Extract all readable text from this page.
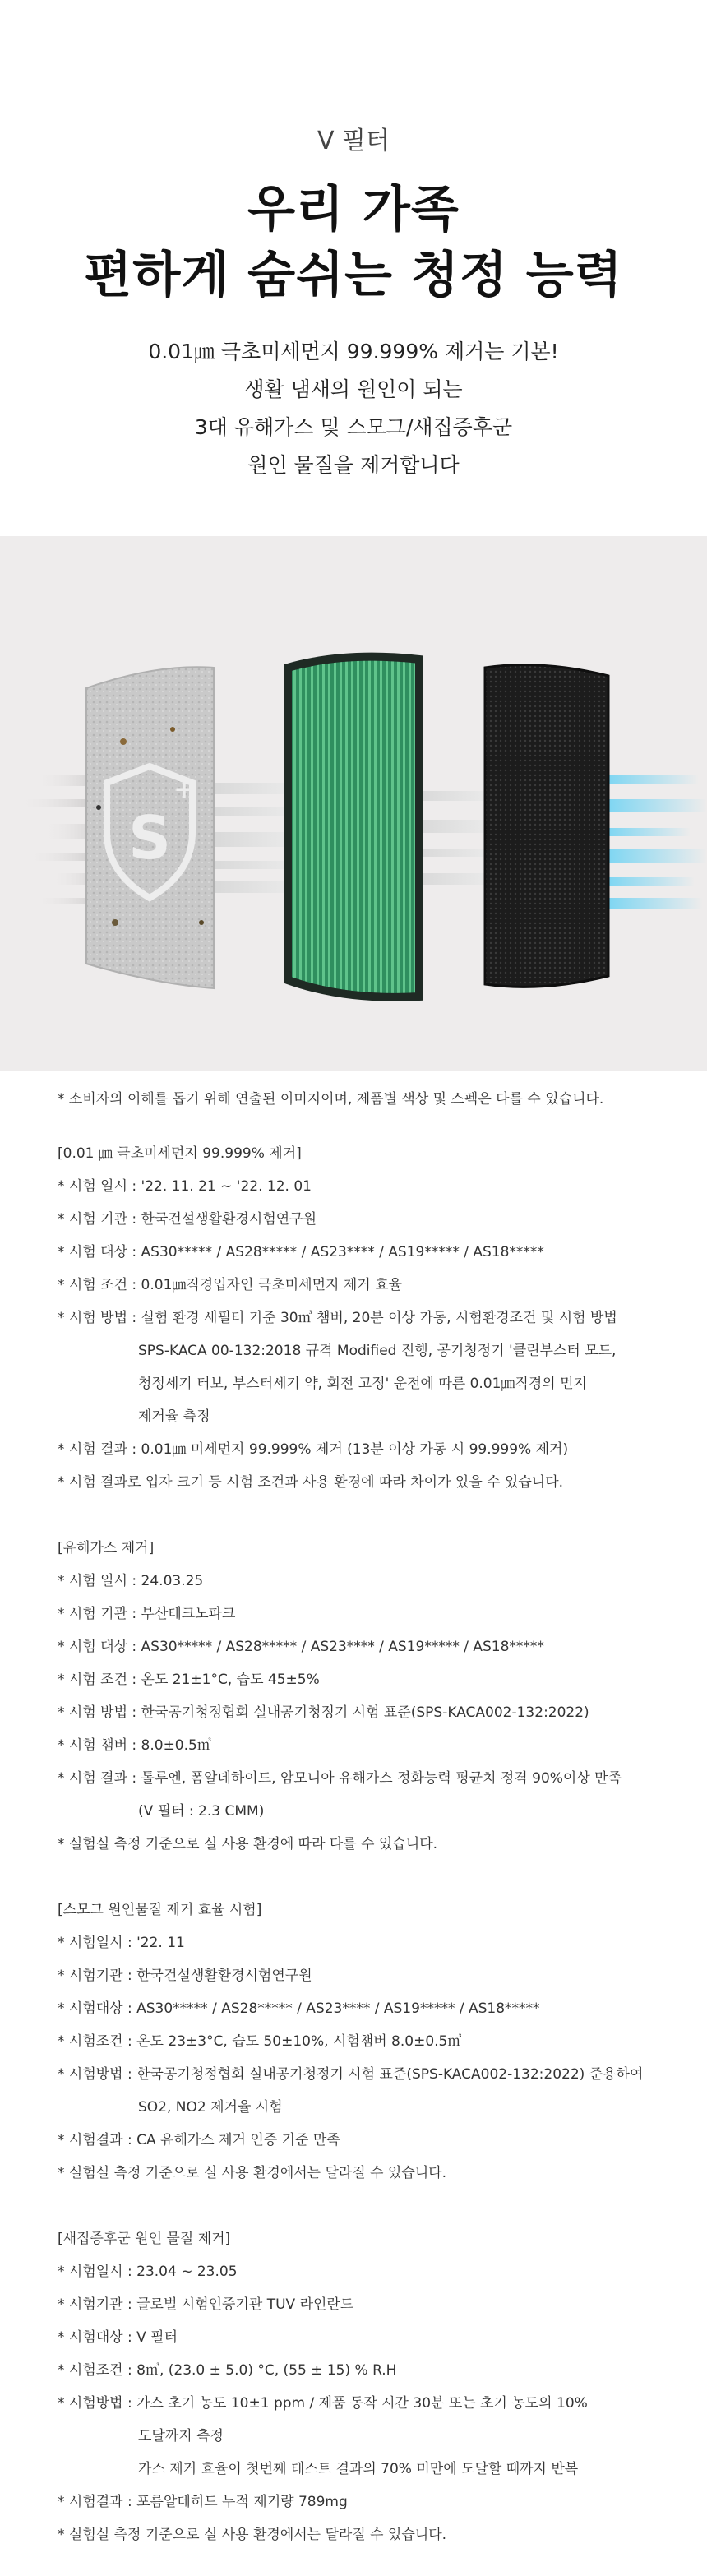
V 필터
우리 가족
편하게 숨쉬는 청정 능력
0.01㎛ 극초미세먼지 99.999% 제거는 기본!
생활 냄새의 원인이 되는
3대 유해가스 및 스모그/새집증후군
원인 물질을 제거합니다
S
+
* 소비자의 이해를 돕기 위해 연출된 이미지이며, 제품별 색상 및 스펙은 다를 수 있습니다.
[0.01 ㎛ 극초미세먼지 99.999% 제거]
* 시험 일시 : '22. 11. 21 ~ '22. 12. 01
* 시험 기관 : 한국건설생활환경시험연구원
* 시험 대상 : AS30***** / AS28***** / AS23**** / AS19***** / AS18*****
* 시험 조건 : 0.01㎛직경입자인 극초미세먼지 제거 효율
* 시험 방법 : 실험 환경 새필터 기준 30㎥ 챔버, 20분 이상 가동, 시험환경조건 및 시험 방법
SPS-KACA 00-132:2018 규격 Modified 진행, 공기청정기 '클린부스터 모드,
청정세기 터보, 부스터세기 약, 회전 고정' 운전에 따른 0.01㎛직경의 먼지
제거율 측정
* 시험 결과 : 0.01㎛ 미세먼지 99.999% 제거 (13분 이상 가동 시 99.999% 제거)
* 시험 결과로 입자 크기 등 시험 조건과 사용 환경에 따라 차이가 있을 수 있습니다.
[유해가스 제거]
* 시험 일시 : 24.03.25
* 시험 기관 : 부산테크노파크
* 시험 대상 : AS30***** / AS28***** / AS23**** / AS19***** / AS18*****
* 시험 조건 : 온도 21±1°C, 습도 45±5%
* 시험 방법 : 한국공기청정협회 실내공기청정기 시험 표준(SPS-KACA002-132:2022)
* 시험 챔버 : 8.0±0.5㎥
* 시험 결과 : 톨루엔, 폼알데하이드, 암모니아 유해가스 정화능력 평균치 정격 90%이상 만족
(V 필터 : 2.3 CMM)
* 실험실 측정 기준으로 실 사용 환경에 따라 다를 수 있습니다.
[스모그 원인물질 제거 효율 시험]
* 시험일시 : '22. 11
* 시험기관 : 한국건설생활환경시험연구원
* 시험대상 : AS30***** / AS28***** / AS23**** / AS19***** / AS18*****
* 시험조건 : 온도 23±3°C, 습도 50±10%, 시험챔버 8.0±0.5㎥
* 시험방법 : 한국공기청정협회 실내공기청정기 시험 표준(SPS-KACA002-132:2022) 준용하여
SO2, NO2 제거율 시험
* 시험결과 : CA 유해가스 제거 인증 기준 만족
* 실험실 측정 기준으로 실 사용 환경에서는 달라질 수 있습니다.
[새집증후군 원인 물질 제거]
* 시험일시 : 23.04 ~ 23.05
* 시험기관 : 글로벌 시험인증기관 TUV 라인란드
* 시험대상 : V 필터
* 시험조건 : 8㎥, (23.0 ± 5.0) °C, (55 ± 15) % R.H
* 시험방법 : 가스 초기 농도 10±1 ppm / 제품 동작 시간 30분 또는 초기 농도의 10%
도달까지 측정
가스 제거 효율이 첫번째 테스트 결과의 70% 미만에 도달할 때까지 반복
* 시험결과 : 포름알데히드 누적 제거량 789mg
* 실험실 측정 기준으로 실 사용 환경에서는 달라질 수 있습니다.
